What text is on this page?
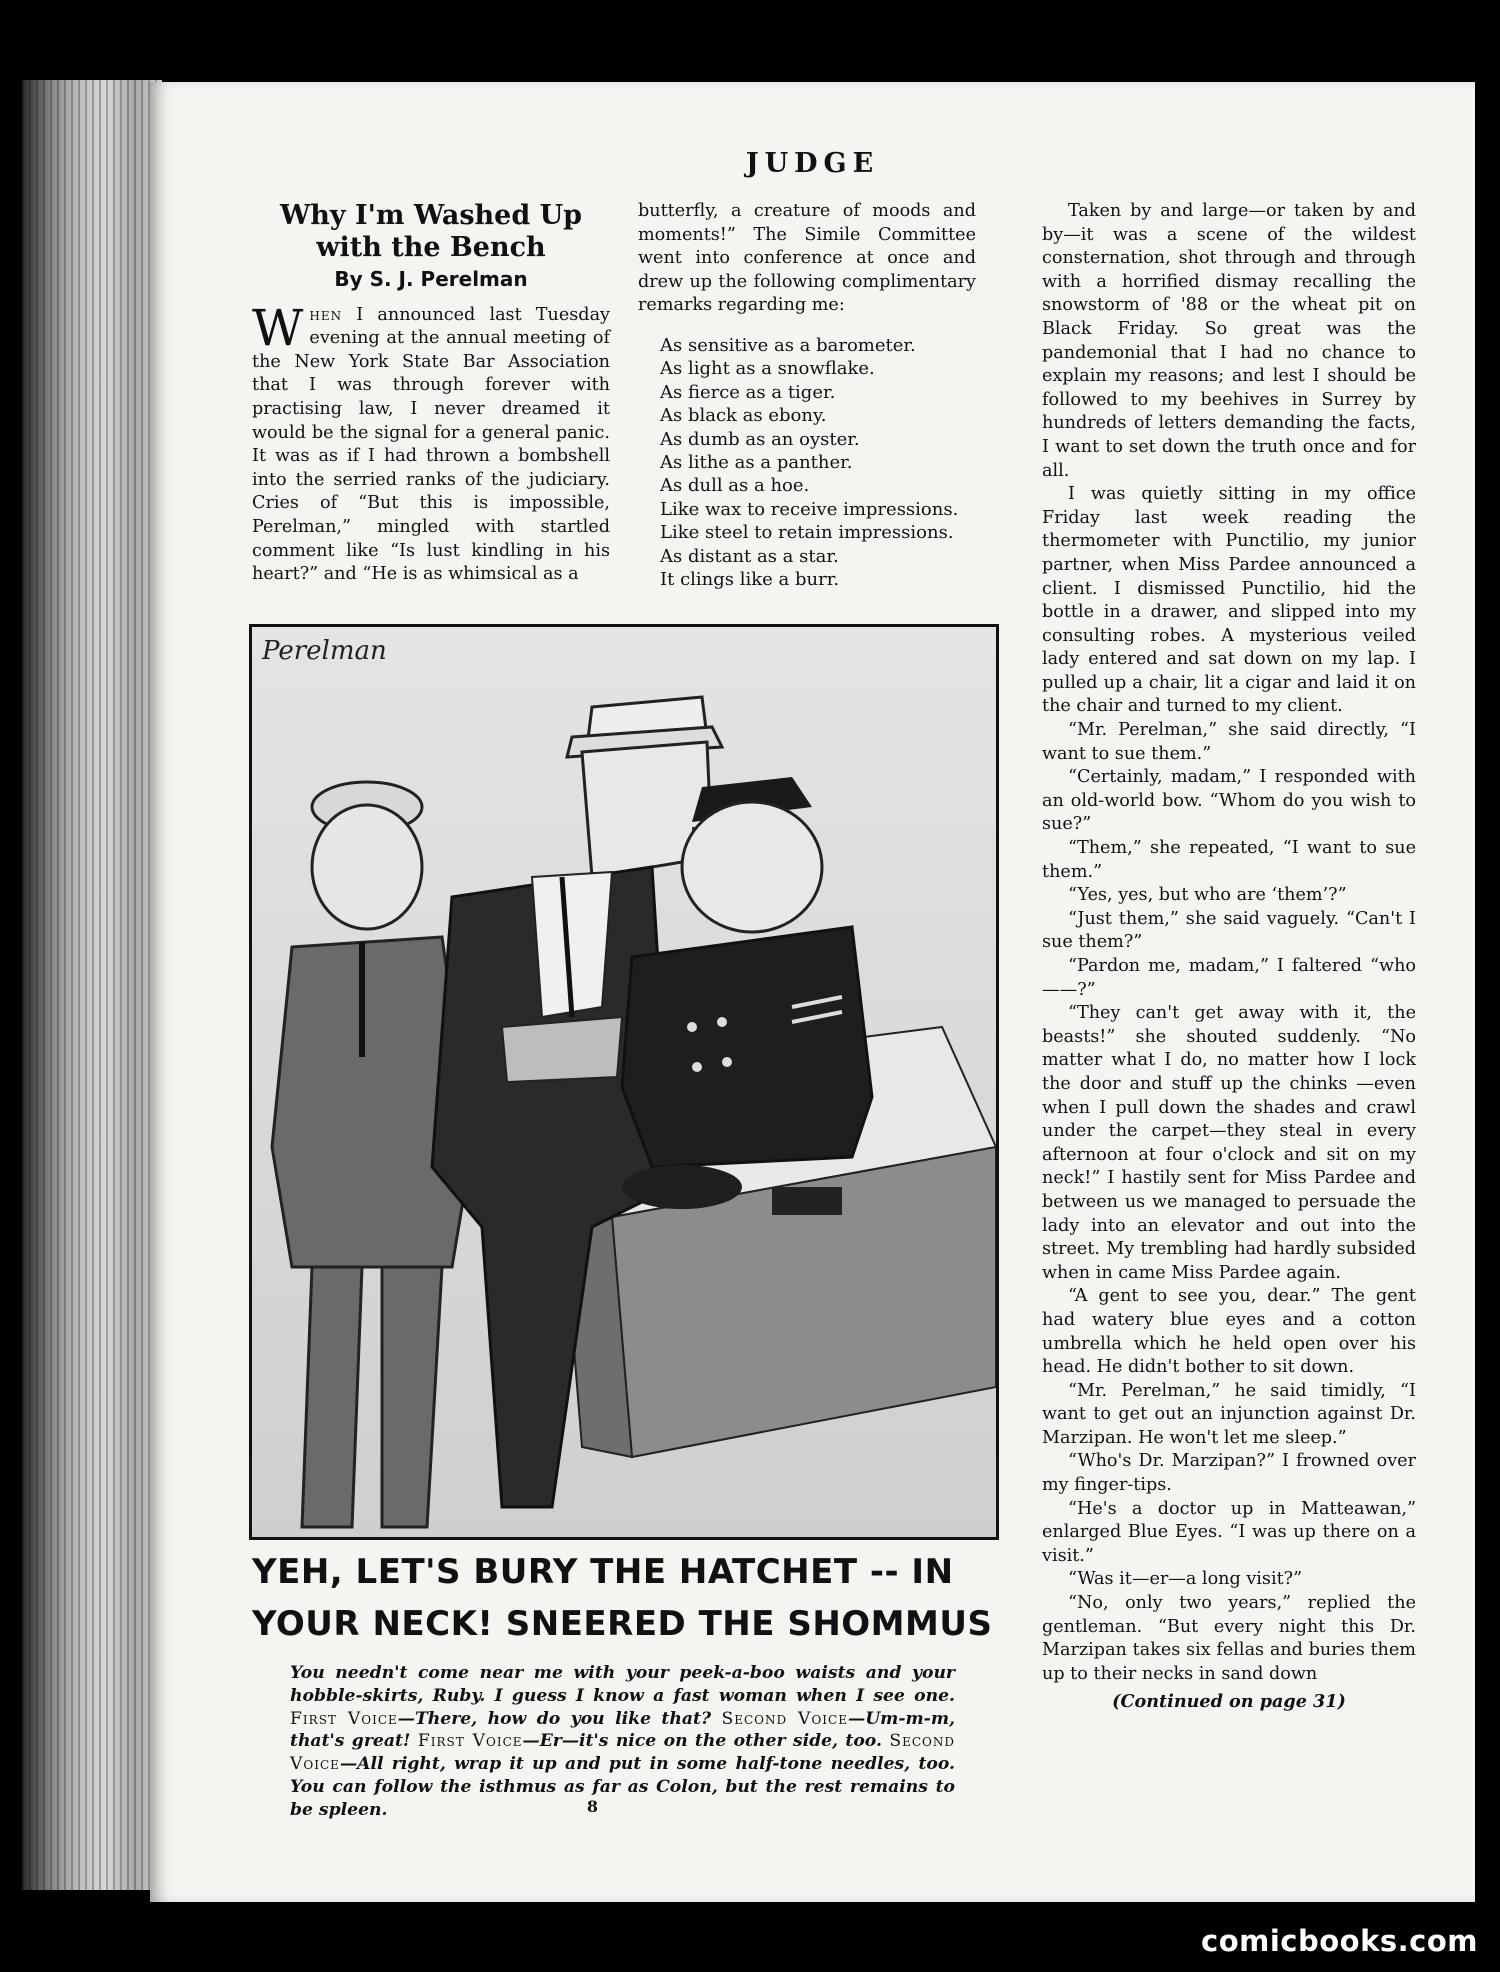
JUDGE
Why I'm Washed Up with the Bench
By S. J. Perelman

When I announced last Tuesday evening at the annual meeting of the New York State Bar Association that I was through forever with practising law, I never dreamed it would be the signal for a general panic. It was as if I had thrown a bombshell into the serried ranks of the judiciary. Cries of “But this is impossible, Perelman,” mingled with startled comment like “Is lust kindling in his heart?” and “He is as whimsical as a

butterfly, a creature of moods and moments!” The Simile Committee went into conference at once and drew up the following complimentary remarks regarding me:

As sensitive as a barometer.
As light as a snowflake.
As fierce as a tiger.
As black as ebony.
As dumb as an oyster.
As lithe as a panther.
As dull as a hoe.
Like wax to receive impressions.
Like steel to retain impressions.
As distant as a star.
It clings like a burr.

Taken by and large—or taken by and by—it was a scene of the wildest consternation, shot through and through with a horrified dismay recalling the snowstorm of '88 or the wheat pit on Black Friday. So great was the pandemonial that I had no chance to explain my reasons; and lest I should be followed to my beehives in Surrey by hundreds of letters demanding the facts, I want to set down the truth once and for all.

I was quietly sitting in my office Friday last week reading the thermometer with Punctilio, my junior partner, when Miss Pardee announced a client. I dismissed Punctilio, hid the bottle in a drawer, and slipped into my consulting robes. A mysterious veiled lady entered and sat down on my lap. I pulled up a chair, lit a cigar and laid it on the chair and turned to my client.

“Mr. Perelman,” she said directly, “I want to sue them.”

“Certainly, madam,” I responded with an old-world bow. “Whom do you wish to sue?”

“Them,” she repeated, “I want to sue them.”

“Yes, yes, but who are ‘them’?”

“Just them,” she said vaguely. “Can't I sue them?”

“Pardon me, madam,” I faltered “who——?”

“They can't get away with it, the beasts!” she shouted suddenly. “No matter what I do, no matter how I lock the door and stuff up the chinks —even when I pull down the shades and crawl under the carpet—they steal in every afternoon at four o'clock and sit on my neck!” I hastily sent for Miss Pardee and between us we managed to persuade the lady into an elevator and out into the street. My trembling had hardly subsided when in came Miss Pardee again.

“A gent to see you, dear.” The gent had watery blue eyes and a cotton umbrella which he held open over his head. He didn't bother to sit down.

“Mr. Perelman,” he said timidly, “I want to get out an injunction against Dr. Marzipan. He won't let me sleep.”

“Who's Dr. Marzipan?” I frowned over my finger-tips.

“He's a doctor up in Matteawan,” enlarged Blue Eyes. “I was up there on a visit.”

“Was it—er—a long visit?”

“No, only two years,” replied the gentleman. “But every night this Dr. Marzipan takes six fellas and buries them up to their necks in sand down

(Continued on page 31)
Perelman
YEH, LET'S BURY THE HATCHET -- IN
YOUR NECK! SNEERED THE SHOMMUS
You needn't come near me with your peek-a-boo waists and your hobble-skirts, Ruby. I guess I know a fast woman when I see one. First Voice—There, how do you like that? Second Voice—Um-m-m, that's great! First Voice—Er—it's nice on the other side, too. Second Voice—All right, wrap it up and put in some half-tone needles, too. You can follow the isthmus as far as Colon, but the rest remains to be spleen.	8
comicbooks.com
